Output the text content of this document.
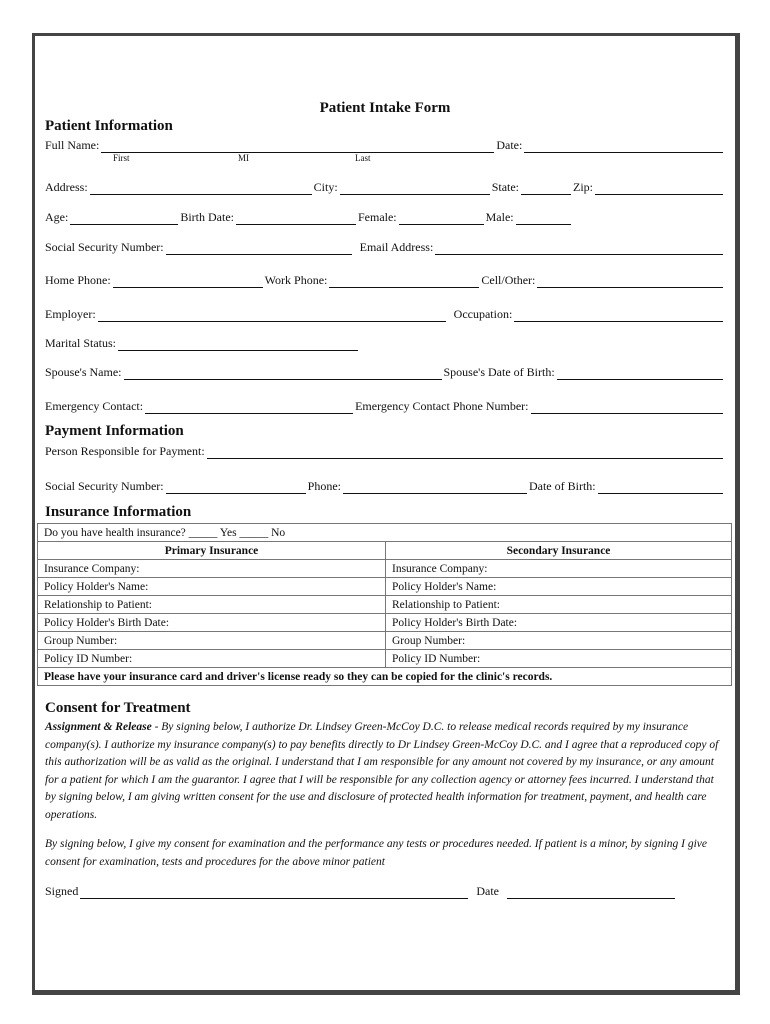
Patient Intake Form
Patient Information
Full Name:	Date:
First	MI	Last
Address:	City:	State:	Zip:
Age:	Birth Date:	Female:	Male:
Social Security Number:	Email Address:
Home Phone:	Work Phone:	Cell/Other:
Employer:	Occupation:
Marital Status:
Spouse's Name:	Spouse's Date of Birth:
Emergency Contact:	Emergency Contact Phone Number:
Payment Information
Person Responsible for Payment:
Social Security Number:	Phone:	Date of Birth:
Insurance Information
Do you have health insurance? _____ Yes _____ No	
Primary Insurance	Secondary Insurance
Insurance Company:	Insurance Company:
Policy Holder's Name:	Policy Holder's Name:
Relationship to Patient:	Relationship to Patient:
Policy Holder's Birth Date:	Policy Holder's Birth Date:
Group Number:	Group Number:
Policy ID Number:	Policy ID Number:
Please have your insurance card and driver's license ready so they can be copied for the clinic's records.	
Consent for Treatment
Assignment & Release - By signing below, I authorize Dr. Lindsey Green-McCoy D.C. to release medical records required by my insurance company(s). I authorize my insurance company(s) to pay benefits directly to Dr Lindsey Green-McCoy D.C. and I agree that a reproduced copy of this authorization will be as valid as the original. I understand that I am responsible for any amount not covered by my insurance, or any amount for a patient for which I am the guarantor. I agree that I will be responsible for any collection agency or attorney fees incurred. I understand that by signing below, I am giving written consent for the use and disclosure of protected health information for treatment, payment, and health care operations.
By signing below, I give my consent for examination and the performance any tests or procedures needed. If patient is a minor, by signing I give consent for examination, tests and procedures for the above minor patient
Signed	Date
